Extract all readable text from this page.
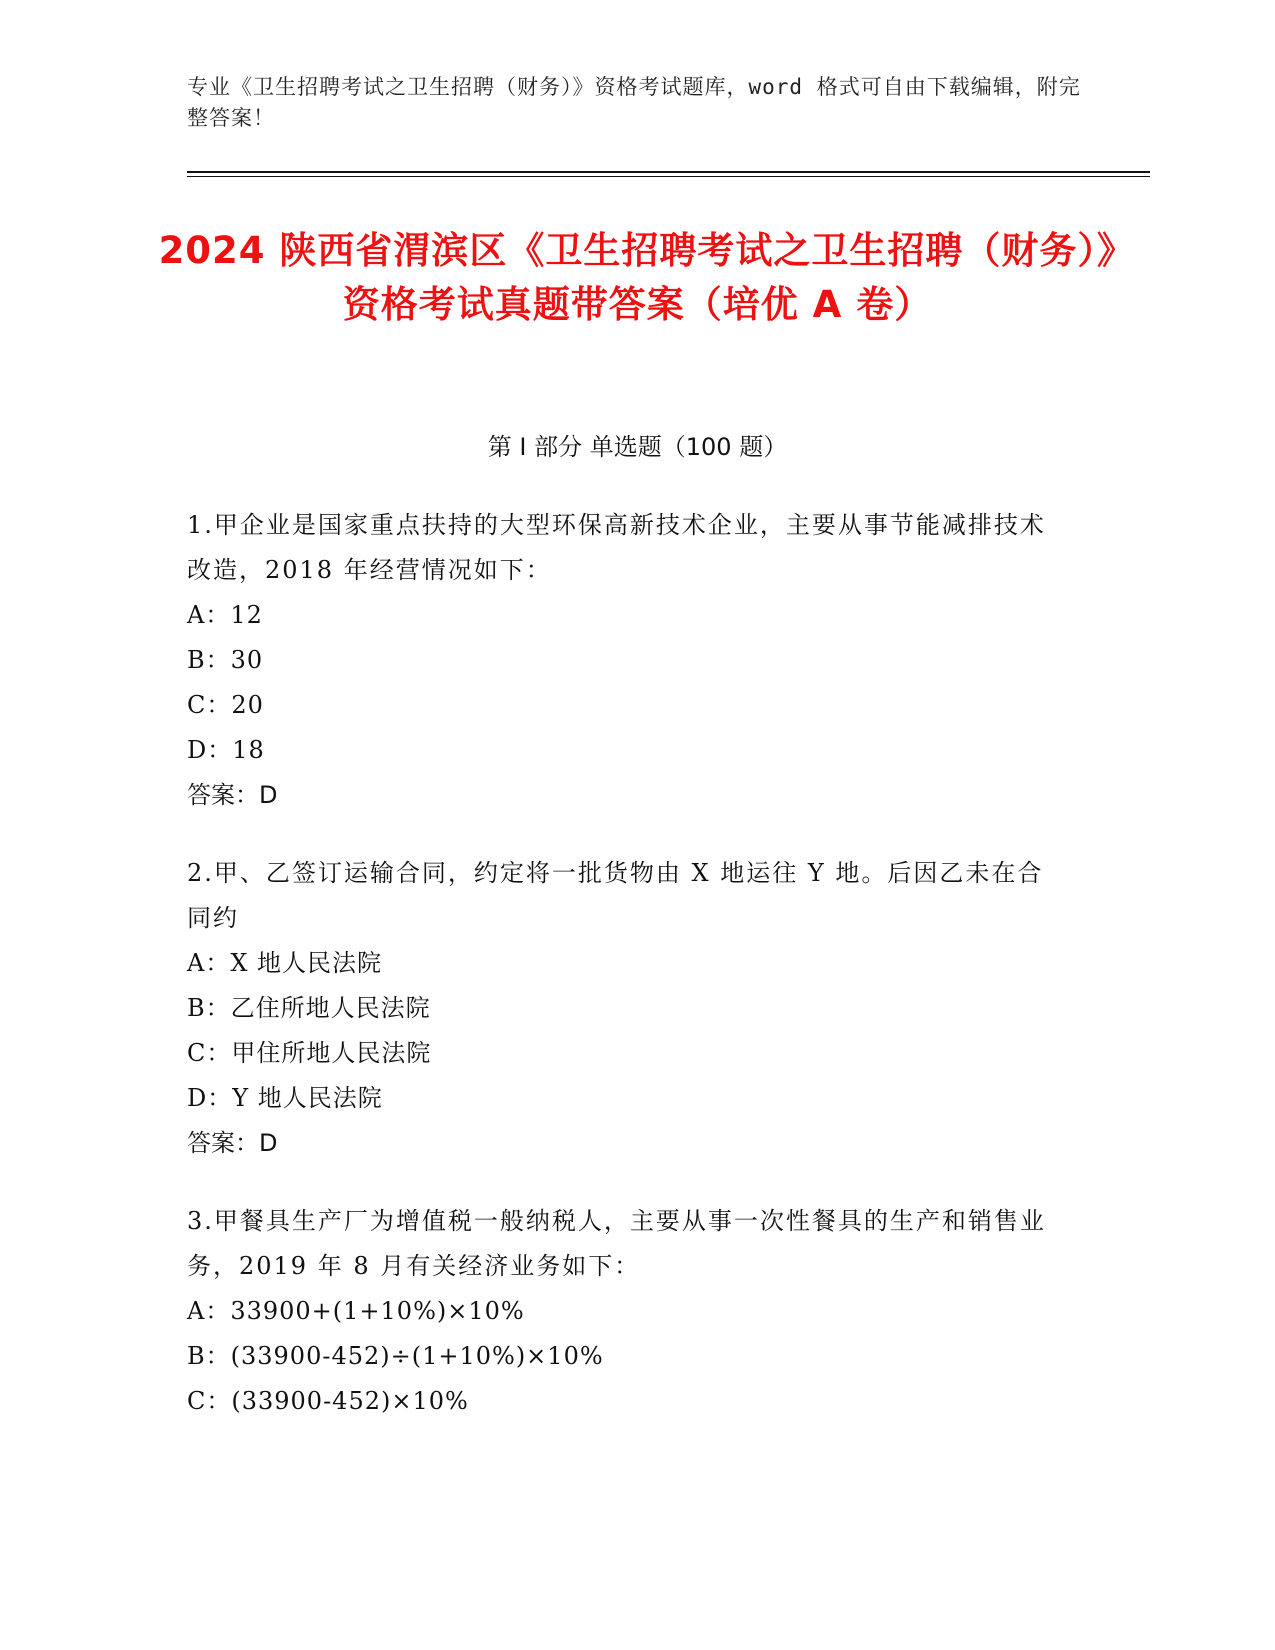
专业《卫生招聘考试之卫生招聘（财务）》资格考试题库，word 格式可自由下载编辑，附完整答案！
2024 陕西省渭滨区《卫生招聘考试之卫生招聘（财务）》资格考试真题带答案（培优 A 卷）
第 I 部分 单选题（100 题）

1.甲企业是国家重点扶持的大型环保高新技术企业，主要从事节能减排技术改造，2018 年经营情况如下：

A：12

B：30

C：20

D：18

答案：D

2.甲、乙签订运输合同，约定将一批货物由 X 地运往 Y 地。后因乙未在合同约

A：X 地人民法院

B：乙住所地人民法院

C：甲住所地人民法院

D：Y 地人民法院

答案：D

3.甲餐具生产厂为增值税一般纳税人，主要从事一次性餐具的生产和销售业务，2019 年 8 月有关经济业务如下：

A：33900+(1+10%)×10%

B：(33900-452)÷(1+10%)×10%

C：(33900-452)×10%
